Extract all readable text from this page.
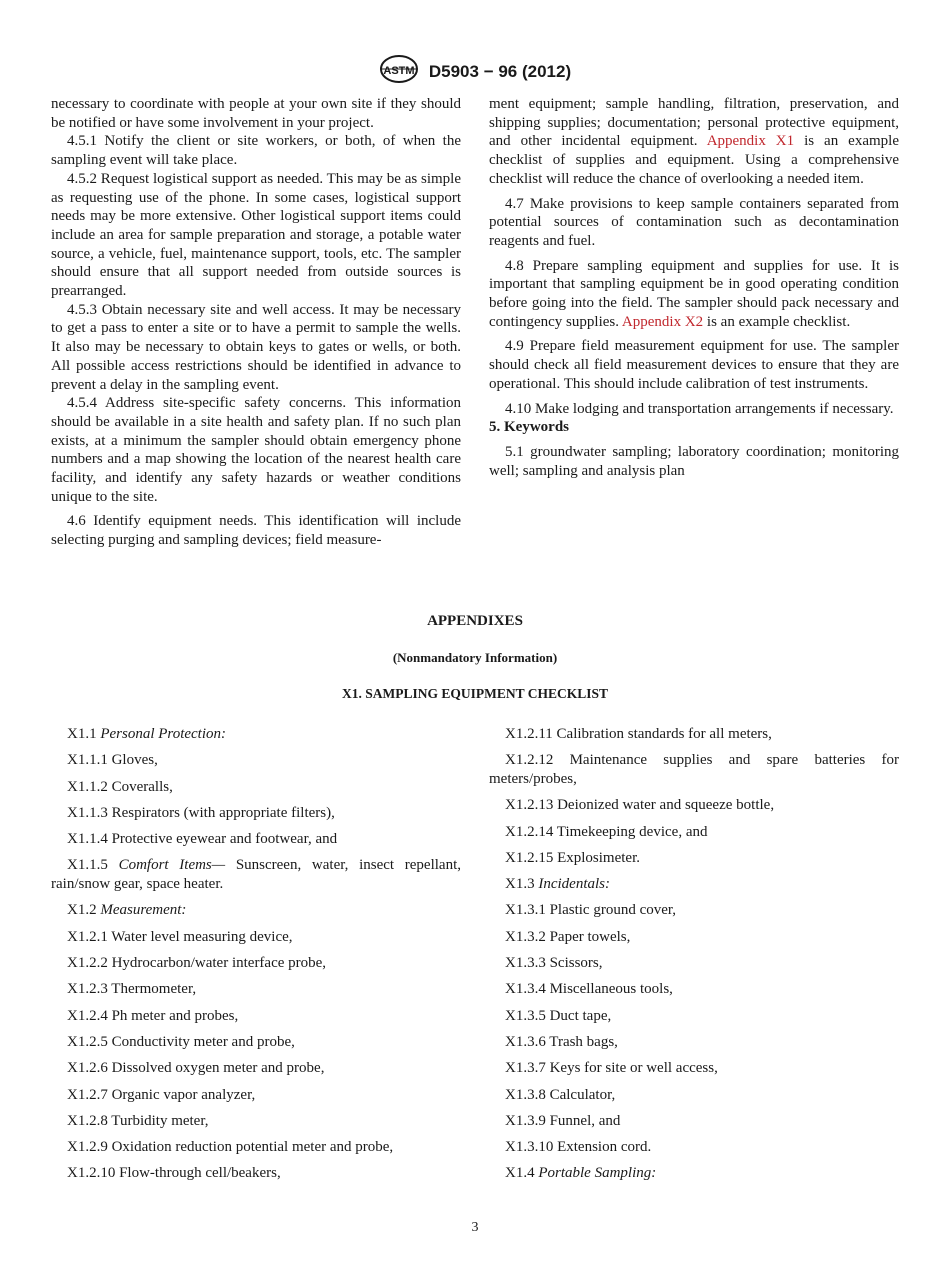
ASTM D5903 − 96 (2012)

necessary to coordinate with people at your own site if they should be notified or have some involvement in your project.

4.5.1 Notify the client or site workers, or both, of when the sampling event will take place.

4.5.2 Request logistical support as needed. This may be as simple as requesting use of the phone. In some cases, logistical support needs may be more extensive. Other logistical support items could include an area for sample preparation and storage, a potable water source, a vehicle, fuel, maintenance support, tools, etc. The sampler should ensure that all support needed from outside sources is prearranged.

4.5.3 Obtain necessary site and well access. It may be necessary to get a pass to enter a site or to have a permit to sample the wells. It also may be necessary to obtain keys to gates or wells, or both. All possible access restrictions should be identified in advance to prevent a delay in the sampling event.

4.5.4 Address site-specific safety concerns. This information should be available in a site health and safety plan. If no such plan exists, at a minimum the sampler should obtain emergency phone numbers and a map showing the location of the nearest health care facility, and identify any safety hazards or weather conditions unique to the site.

4.6 Identify equipment needs. This identification will include selecting purging and sampling devices; field measure-

ment equipment; sample handling, filtration, preservation, and shipping supplies; documentation; personal protective equipment, and other incidental equipment. Appendix X1 is an example checklist of supplies and equipment. Using a comprehensive checklist will reduce the chance of overlooking a needed item.

4.7 Make provisions to keep sample containers separated from potential sources of contamination such as decontamination reagents and fuel.

4.8 Prepare sampling equipment and supplies for use. It is important that sampling equipment be in good operating condition before going into the field. The sampler should pack necessary and contingency supplies. Appendix X2 is an example checklist.

4.9 Prepare field measurement equipment for use. The sampler should check all field measurement devices to ensure that they are operational. This should include calibration of test instruments.

4.10 Make lodging and transportation arrangements if necessary.

5. Keywords

5.1 groundwater sampling; laboratory coordination; monitoring well; sampling and analysis plan

APPENDIXES
(Nonmandatory Information)
X1. SAMPLING EQUIPMENT CHECKLIST

X1.1 Personal Protection:

X1.1.1 Gloves,

X1.1.2 Coveralls,

X1.1.3 Respirators (with appropriate filters),

X1.1.4 Protective eyewear and footwear, and

X1.1.5 Comfort Items— Sunscreen, water, insect repellant, rain/snow gear, space heater.

X1.2 Measurement:

X1.2.1 Water level measuring device,

X1.2.2 Hydrocarbon/water interface probe,

X1.2.3 Thermometer,

X1.2.4 Ph meter and probes,

X1.2.5 Conductivity meter and probe,

X1.2.6 Dissolved oxygen meter and probe,

X1.2.7 Organic vapor analyzer,

X1.2.8 Turbidity meter,

X1.2.9 Oxidation reduction potential meter and probe,

X1.2.10 Flow-through cell/beakers,

X1.2.11 Calibration standards for all meters,

X1.2.12 Maintenance supplies and spare batteries for meters/probes,

X1.2.13 Deionized water and squeeze bottle,

X1.2.14 Timekeeping device, and

X1.2.15 Explosimeter.

X1.3 Incidentals:

X1.3.1 Plastic ground cover,

X1.3.2 Paper towels,

X1.3.3 Scissors,

X1.3.4 Miscellaneous tools,

X1.3.5 Duct tape,

X1.3.6 Trash bags,

X1.3.7 Keys for site or well access,

X1.3.8 Calculator,

X1.3.9 Funnel, and

X1.3.10 Extension cord.

X1.4 Portable Sampling:

3
